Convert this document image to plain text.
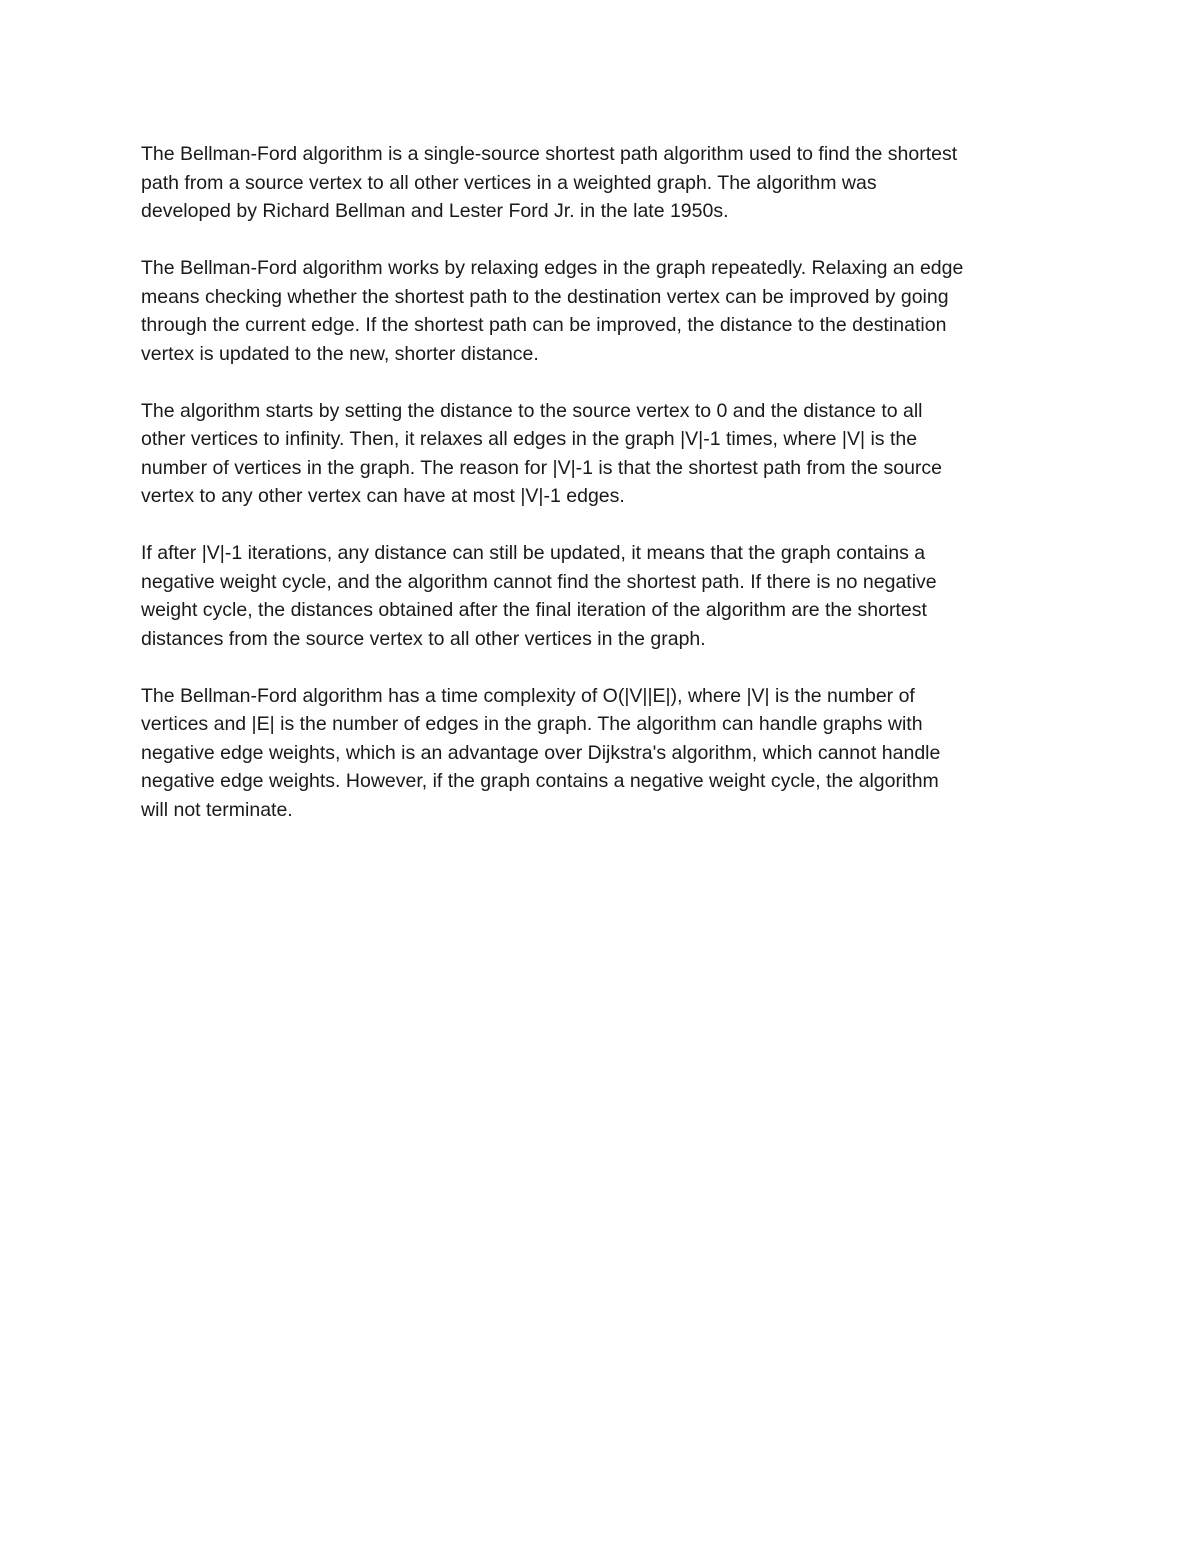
The Bellman-Ford algorithm is a single-source shortest path algorithm used to find the shortest
path from a source vertex to all other vertices in a weighted graph. The algorithm was
developed by Richard Bellman and Lester Ford Jr. in the late 1950s.

The Bellman-Ford algorithm works by relaxing edges in the graph repeatedly. Relaxing an edge
means checking whether the shortest path to the destination vertex can be improved by going
through the current edge. If the shortest path can be improved, the distance to the destination
vertex is updated to the new, shorter distance.

The algorithm starts by setting the distance to the source vertex to 0 and the distance to all
other vertices to infinity. Then, it relaxes all edges in the graph |V|-1 times, where |V| is the
number of vertices in the graph. The reason for |V|-1 is that the shortest path from the source
vertex to any other vertex can have at most |V|-1 edges.

If after |V|-1 iterations, any distance can still be updated, it means that the graph contains a
negative weight cycle, and the algorithm cannot find the shortest path. If there is no negative
weight cycle, the distances obtained after the final iteration of the algorithm are the shortest
distances from the source vertex to all other vertices in the graph.

The Bellman-Ford algorithm has a time complexity of O(|V||E|), where |V| is the number of
vertices and |E| is the number of edges in the graph. The algorithm can handle graphs with
negative edge weights, which is an advantage over Dijkstra's algorithm, which cannot handle
negative edge weights. However, if the graph contains a negative weight cycle, the algorithm
will not terminate.
